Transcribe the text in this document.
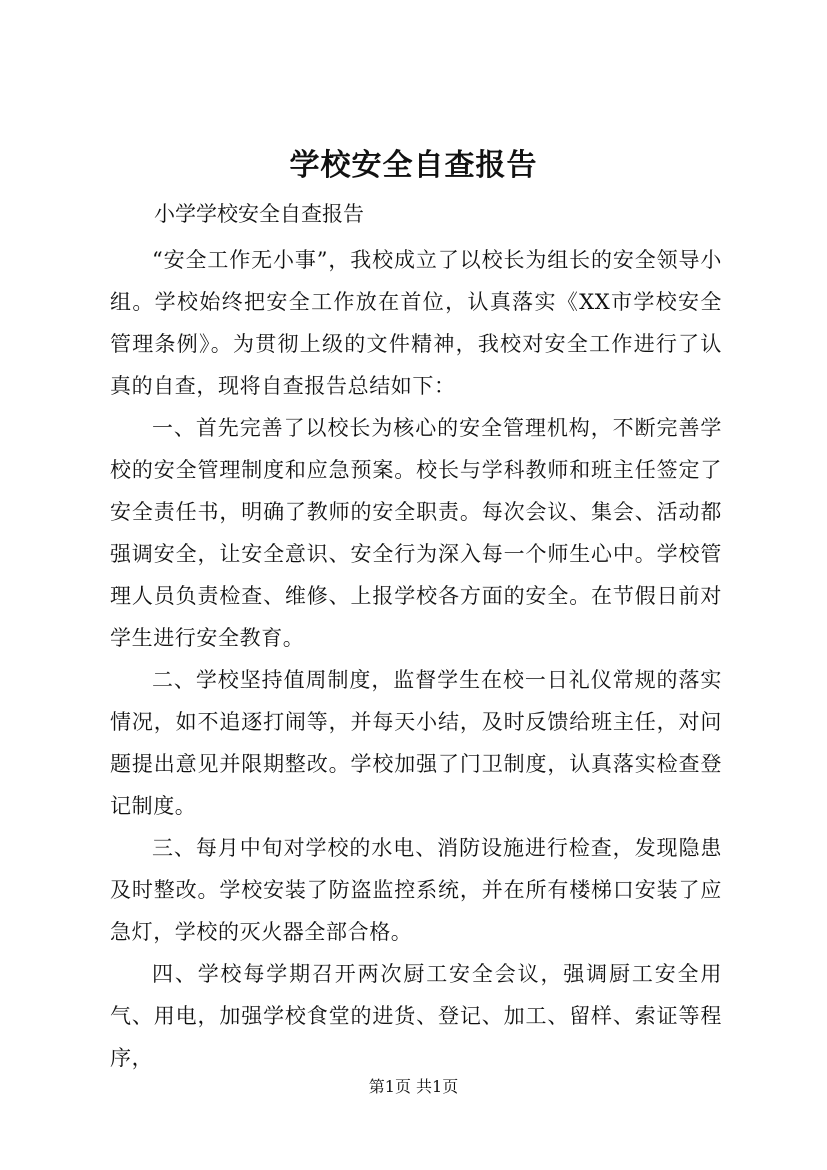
学校安全自查报告
小学学校安全自查报告

“安全工作无小事”，我校成立了以校长为组长的安全领导小组。学校始终把安全工作放在首位，认真落实《XX市学校安全管理条例》。为贯彻上级的文件精神，我校对安全工作进行了认真的自查，现将自查报告总结如下：

一、首先完善了以校长为核心的安全管理机构，不断完善学校的安全管理制度和应急预案。校长与学科教师和班主任签定了安全责任书，明确了教师的安全职责。每次会议、集会、活动都强调安全，让安全意识、安全行为深入每一个师生心中。学校管理人员负责检查、维修、上报学校各方面的安全。在节假日前对学生进行安全教育。

二、学校坚持值周制度，监督学生在校一日礼仪常规的落实情况，如不追逐打闹等，并每天小结，及时反馈给班主任，对问题提出意见并限期整改。学校加强了门卫制度，认真落实检查登记制度。

三、每月中旬对学校的水电、消防设施进行检查，发现隐患及时整改。学校安装了防盗监控系统，并在所有楼梯口安装了应急灯，学校的灭火器全部合格。

四、学校每学期召开两次厨工安全会议，强调厨工安全用气、用电，加强学校食堂的进货、登记、加工、留样、索证等程序，

第1页 共1页
